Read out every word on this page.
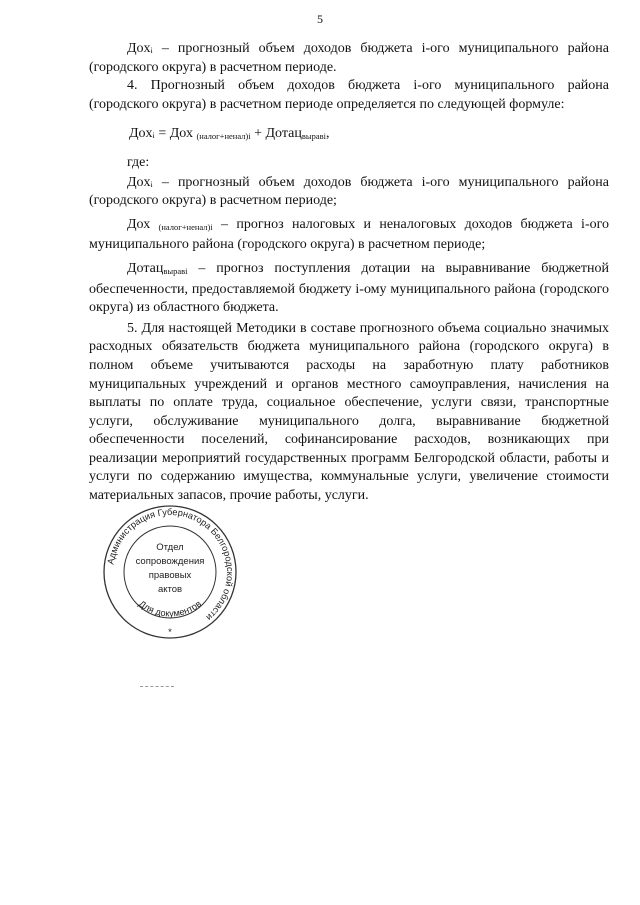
5

Доxᵢ – прогнозный объем доходов бюджета i-ого муниципального района (городского округа) в расчетном периоде.

4. Прогнозный объем доходов бюджета i-ого муниципального района (городского округа) в расчетном периоде определяется по следующей формуле:

Доxᵢ = Дох $_{(налог+ненал)i}$ + Дотац$_{выравi}$,

где:

Доxᵢ – прогнозный объем доходов бюджета i-ого муниципального района (городского округа) в расчетном периоде;

Дох $_{(налог+ненал)i}$ – прогноз налоговых и неналоговых доходов бюджета i-ого муниципального района (городского округа) в расчетном периоде;

Дотац$_{выравi}$ – прогноз поступления дотации на выравнивание бюджетной обеспеченности, предоставляемой бюджету i-ому муниципального района (городского округа) из областного бюджета.

5. Для настоящей Методики в составе прогнозного объема социально значимых расходных обязательств бюджета муниципального района (городского округа) в полном объеме учитываются расходы на заработную плату работников муниципальных учреждений и органов местного самоуправления, начисления на выплаты по оплате труда, социальное обеспечение, услуги связи, транспортные услуги, обслуживание муниципального долга, выравнивание бюджетной обеспеченности поселений, софинансирование расходов, возникающих при реализации мероприятий государственных программ Белгородской области, работы и услуги по содержанию имущества, коммунальные услуги, увеличение стоимости материальных запасов, прочие работы, услуги.

Администрация Губернатора Белгородской области
Для документов
Отдел
сопровождения
правовых
актов
*
